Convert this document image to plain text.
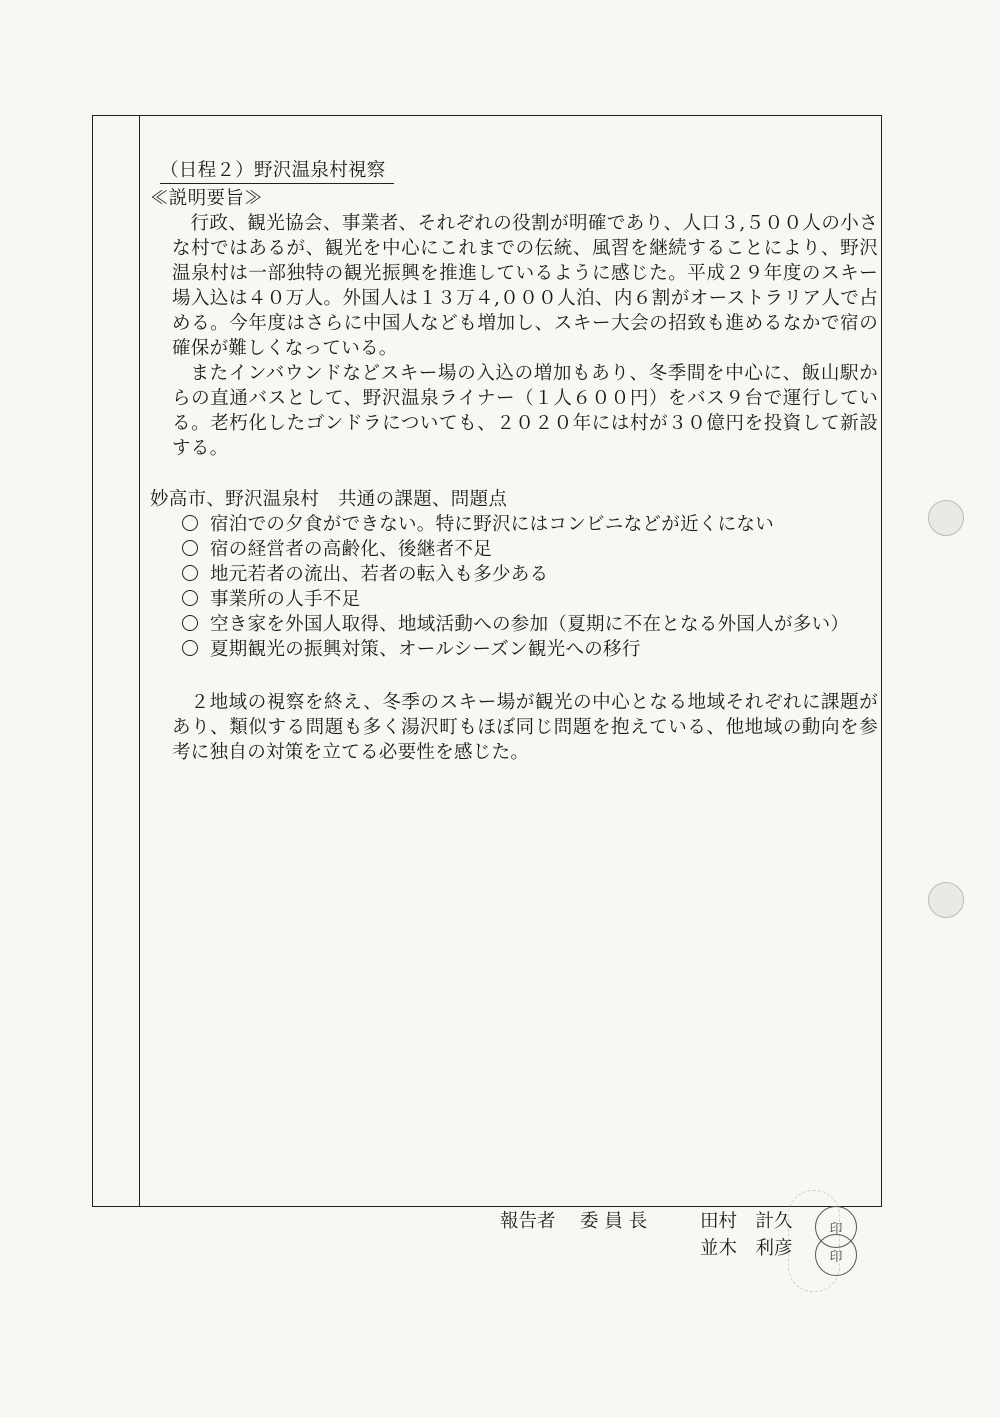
（日程２）野沢温泉村視察
≪説明要旨≫

行政、観光協会、事業者、それぞれの役割が明確であり、人口３,５００人の小さな村ではあるが、観光を中心にこれまでの伝統、風習を継続することにより、野沢温泉村は一部独特の観光振興を推進しているように感じた。平成２９年度のスキー場入込は４０万人。外国人は１３万４,０００人泊、内６割がオーストラリア人で占める。今年度はさらに中国人なども増加し、スキー大会の招致も進めるなかで宿の確保が難しくなっている。

またインバウンドなどスキー場の入込の増加もあり、冬季間を中心に、飯山駅からの直通バスとして、野沢温泉ライナー（１人６００円）をバス９台で運行している。老朽化したゴンドラについても、２０２０年には村が３０億円を投資して新設する。

妙高市、野沢温泉村　共通の課題、問題点
宿泊での夕食ができない。特に野沢にはコンビニなどが近くにない
宿の経営者の高齢化、後継者不足
地元若者の流出、若者の転入も多少ある
事業所の人手不足
空き家を外国人取得、地域活動への参加（夏期に不在となる外国人が多い）
夏期観光の振興対策、オールシーズン観光への移行

２地域の視察を終え、冬季のスキー場が観光の中心となる地域それぞれに課題があり、類似する問題も多く湯沢町もほぼ同じ問題を抱えている、他地域の動向を参考に独自の対策を立てる必要性を感じた。

報告者	委 員 長	田村　計久
並木　利彦
印
印
